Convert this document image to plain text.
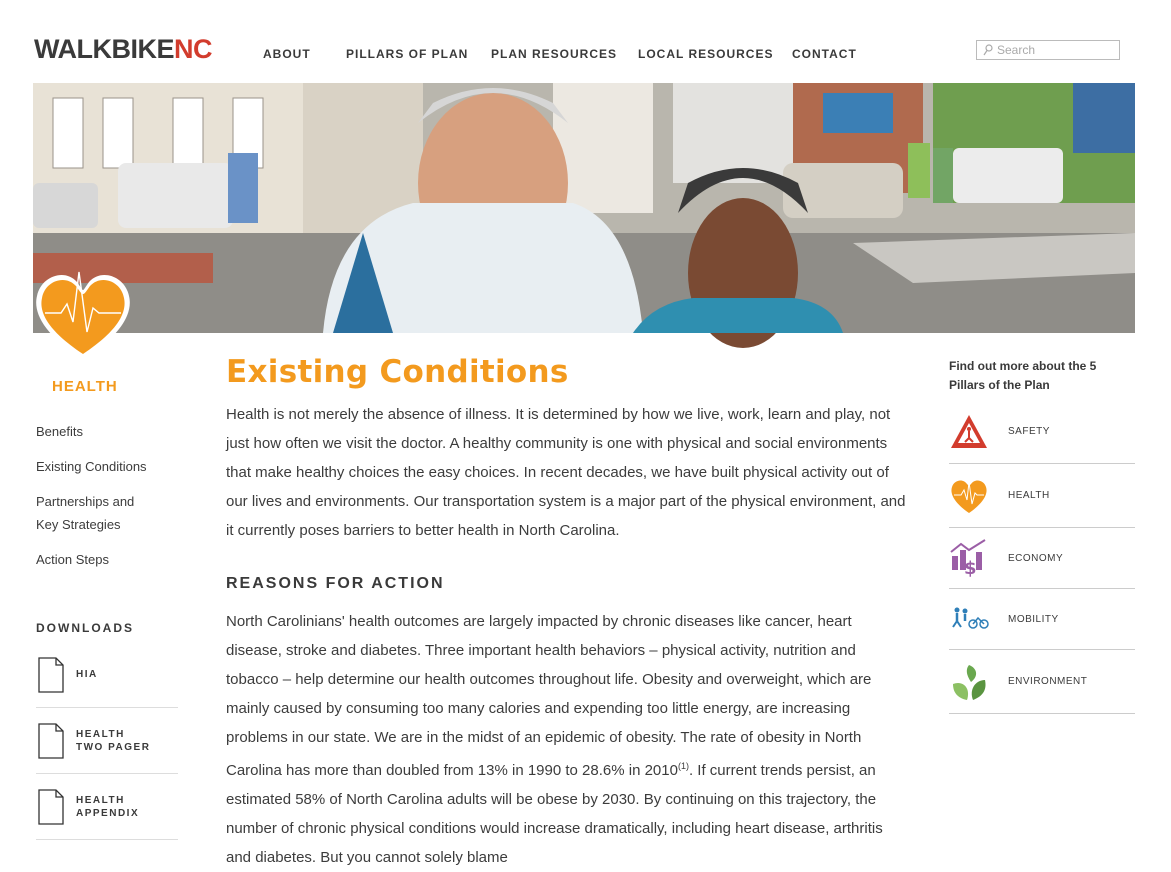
WALKBIKENC	ABOUT	PILLARS OF PLAN PLAN RESOURCES LOCAL RESOURCES CONTACT	Search
HEALTH
Benefits
Existing Conditions
Partnerships and Key Strategies
Action Steps
DOWNLOADS
HIA
HEALTH TWO PAGER
HEALTH APPENDIX
Existing Conditions

Health is not merely the absence of illness. It is determined by how we live, work, learn and play, not just how often we visit the doctor. A healthy community is one with physical and social environments that make healthy choices the easy choices. In recent decades, we have built physical activity out of our lives and environments. Our transportation system is a major part of the physical environment, and it currently poses barriers to better health in North Carolina.

REASONS FOR ACTION

North Carolinians' health outcomes are largely impacted by chronic diseases like cancer, heart disease, stroke and diabetes. Three important health behaviors – physical activity, nutrition and tobacco – help determine our health outcomes throughout life. Obesity and overweight, which are mainly caused by consuming too many calories and expending too little energy, are increasing problems in our state. We are in the midst of an epidemic of obesity. The rate of obesity in North Carolina has more than doubled from 13% in 1990 to 28.6% in 2010$^{(1)}$. If current trends persist, an estimated 58% of North Carolina adults will be obese by 2030. By continuing on this trajectory, the number of chronic physical conditions would increase dramatically, including heart disease, arthritis and diabetes. But you cannot solely blame

Find out more about the 5 Pillars of the Plan
SAFETY
HEALTH
$	ECONOMY
MOBILITY
ENVIRONMENT
